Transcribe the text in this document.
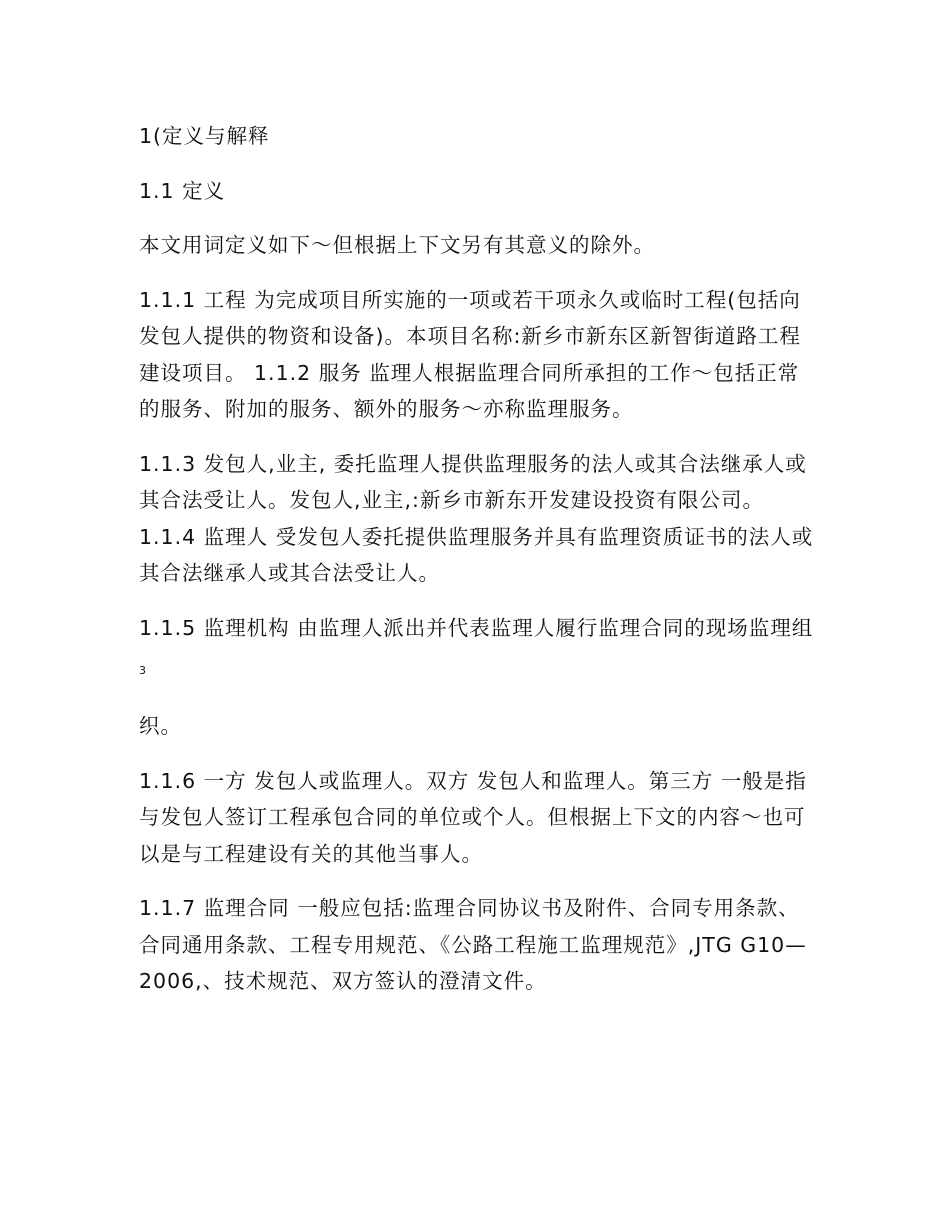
1(定义与解释

1.1 定义

本文用词定义如下～但根据上下文另有其意义的除外。

1.1.1 工程 为完成项目所实施的一项或若干项永久或临时工程(包括向发包人提供的物资和设备)。本项目名称:新乡市新东区新智街道路工程建设项目。 1.1.2 服务 监理人根据监理合同所承担的工作～包括正常的服务、附加的服务、额外的服务～亦称监理服务。

1.1.3 发包人,业主, 委托监理人提供监理服务的法人或其合法继承人或其合法受让人。发包人,业主,:新乡市新东开发建设投资有限公司。 1.1.4 监理人 受发包人委托提供监理服务并具有监理资质证书的法人或其合法继承人或其合法受让人。

1.1.5 监理机构 由监理人派出并代表监理人履行监理合同的现场监理组

3

织。

1.1.6 一方 发包人或监理人。双方 发包人和监理人。第三方 一般是指与发包人签订工程承包合同的单位或个人。但根据上下文的内容～也可以是与工程建设有关的其他当事人。

1.1.7 监理合同 一般应包括:监理合同协议书及附件、合同专用条款、合同通用条款、工程专用规范、《公路工程施工监理规范》,JTG G10—2006,、技术规范、双方签认的澄清文件。
